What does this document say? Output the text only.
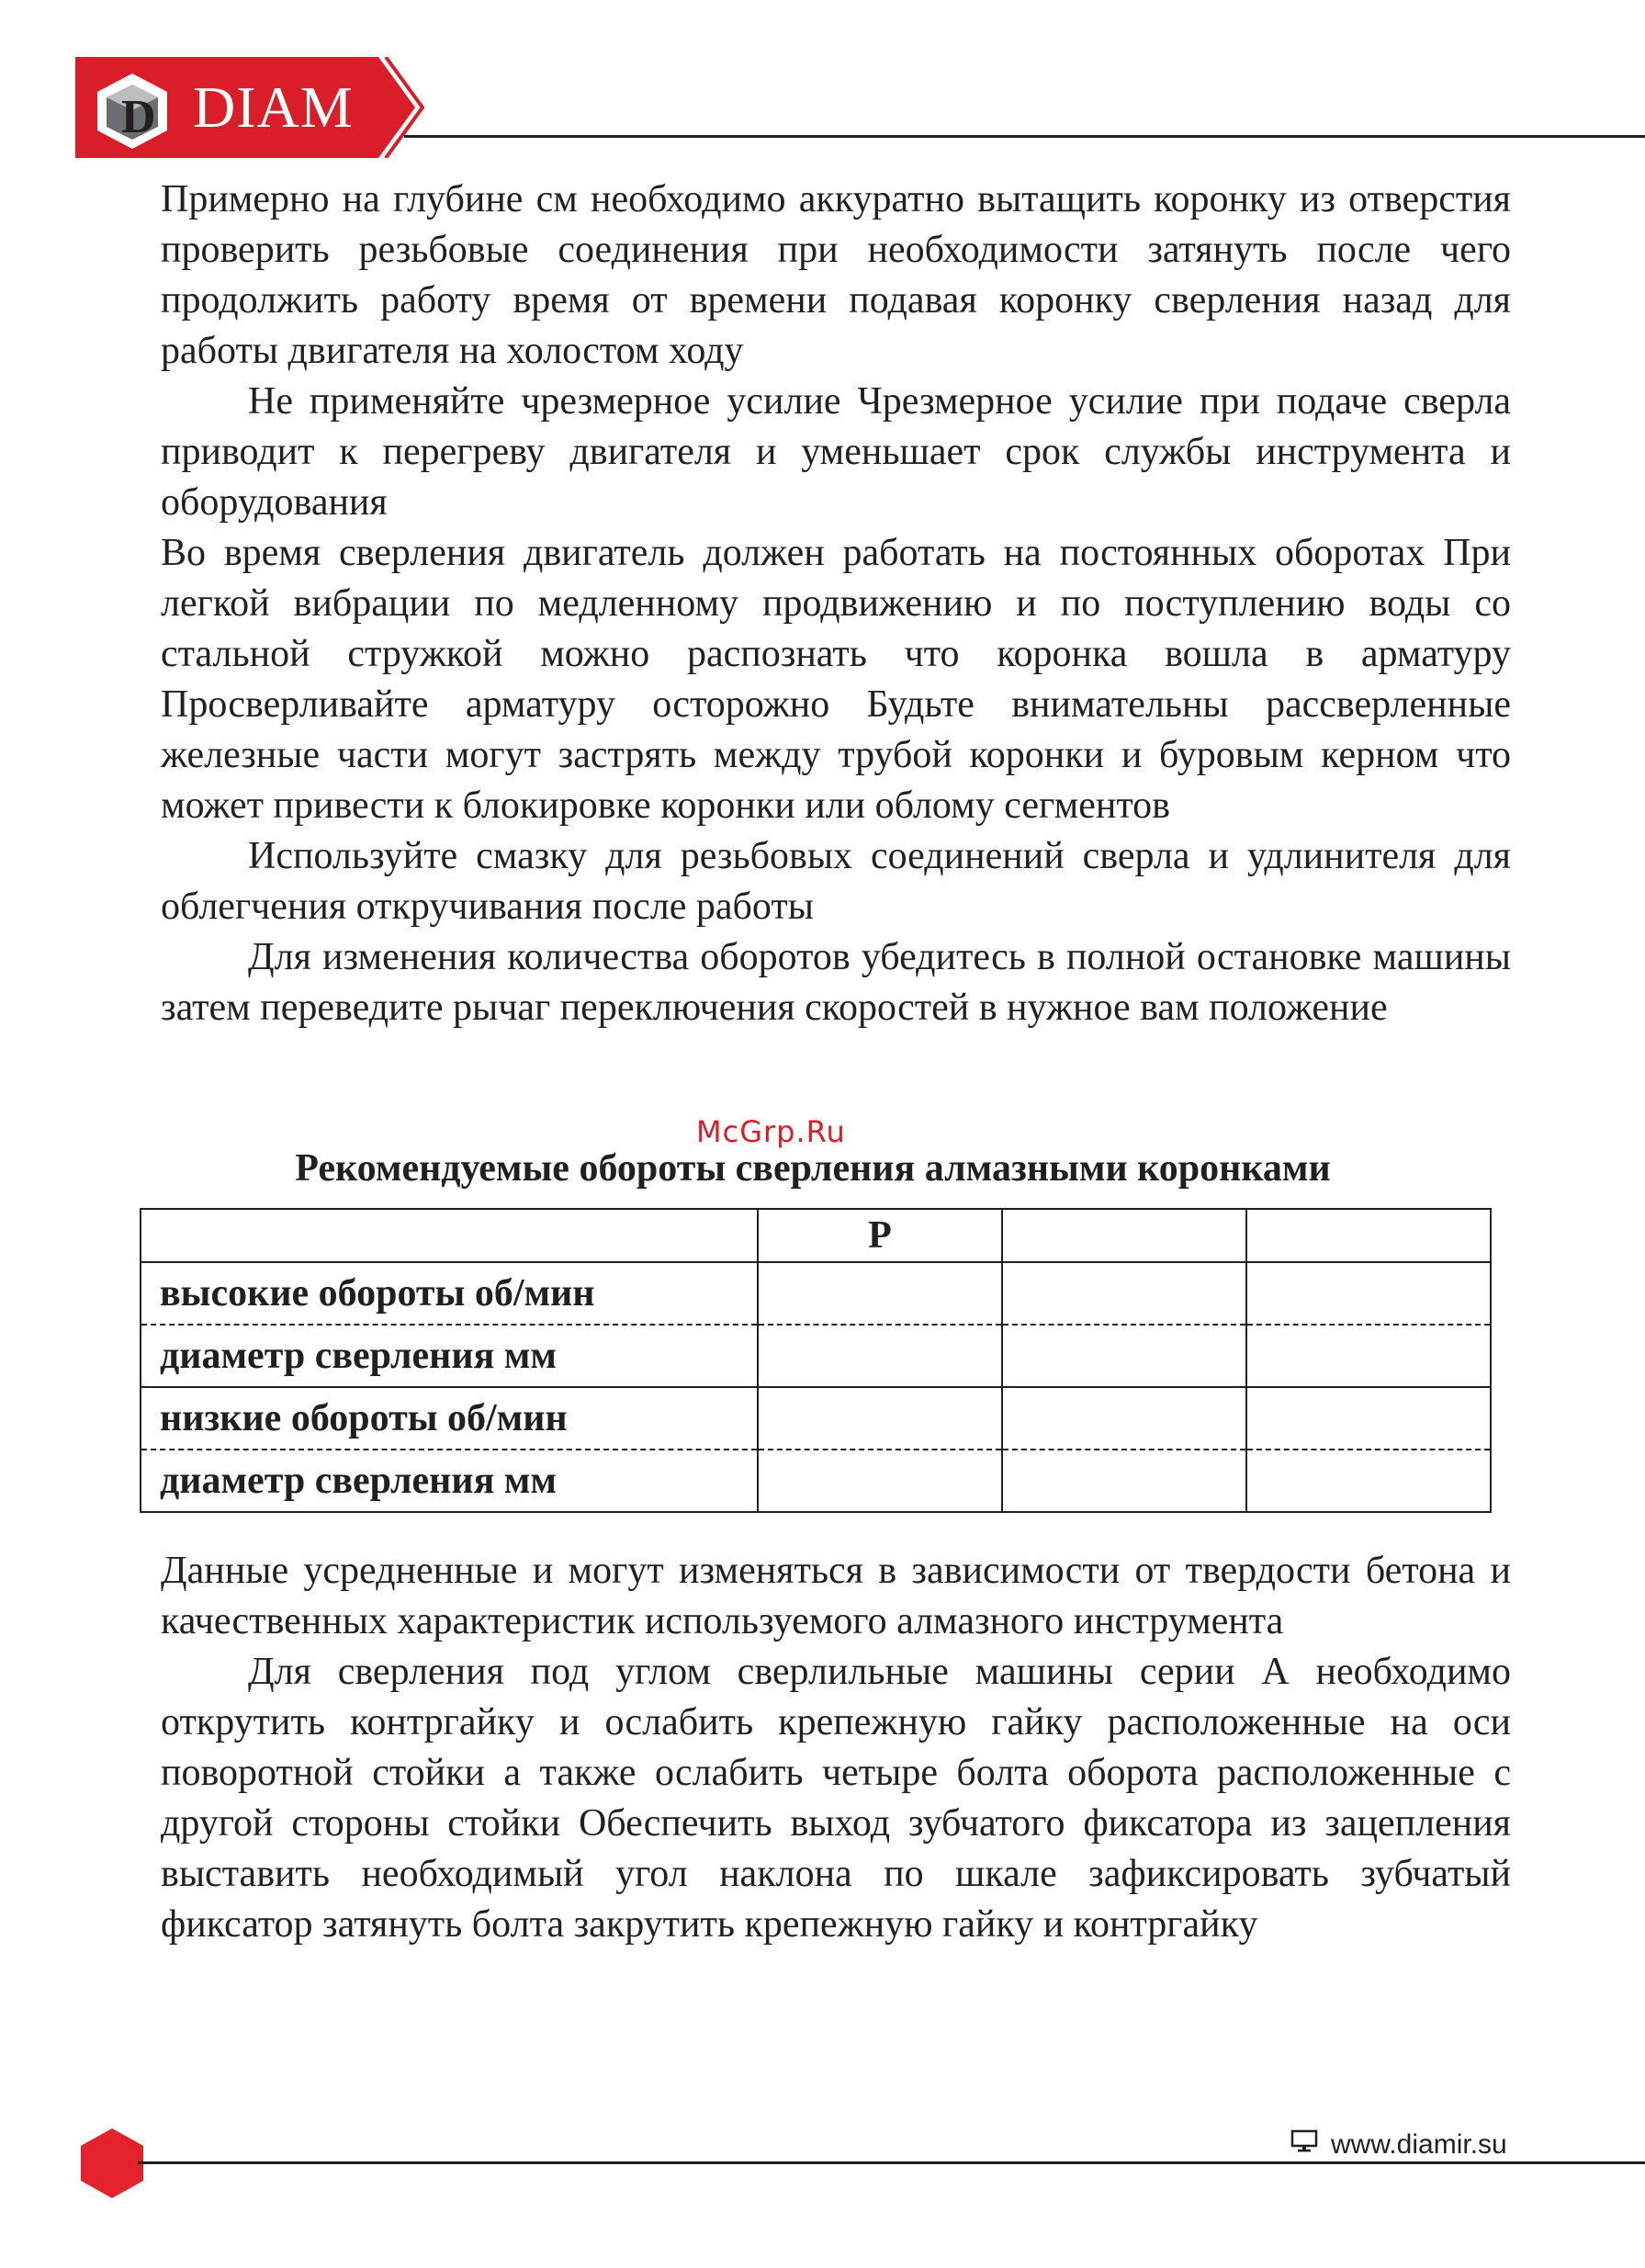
D DIAM

Примерно на глубине см необходимо аккуратно вытащить коронку из отверстия проверить резьбовые соединения при необходимости затянуть после чего продолжить работу время от времени подавая коронку сверления назад для работы двигателя на холостом ходу

Не применяйте чрезмерное усилие Чрезмерное усилие при подаче сверла приводит к перегреву двигателя и уменьшает срок службы инструмента и оборудования

Во время сверления двигатель должен работать на постоянных оборотах При легкой вибрации по медленному продвижению и по поступлению воды со стальной стружкой можно распознать что коронка вошла в арматуру Просверливайте арматуру осторожно Будьте внимательны рассверленные железные части могут застрять между трубой коронки и буровым керном что может привести к блокировке коронки или облому сегментов

Используйте смазку для резьбовых соединений сверла и удлинителя для облегчения откручивания после работы

Для изменения количества оборотов убедитесь в полной остановке машины затем переведите рычаг переключения скоростей в нужное вам положение

McGrp.Ru
Рекомендуемые обороты сверления алмазными коронками
	Р		
высокие обороты об/мин			
диаметр сверления мм			
низкие обороты об/мин			
диаметр сверления мм			

Данные усредненные и могут изменяться в зависимости от твердости бетона и качественных характеристик используемого алмазного инструмента

Для сверления под углом сверлильные машины серии А необходимо открутить контргайку и ослабить крепежную гайку расположенные на оси поворотной стойки а также ослабить четыре болта оборота расположенные с другой стороны стойки Обеспечить выход зубчатого фиксатора из зацепления выставить необходимый угол наклона по шкале зафиксировать зубчатый фиксатор затянуть болта закрутить крепежную гайку и контргайку

www.diamir.su
